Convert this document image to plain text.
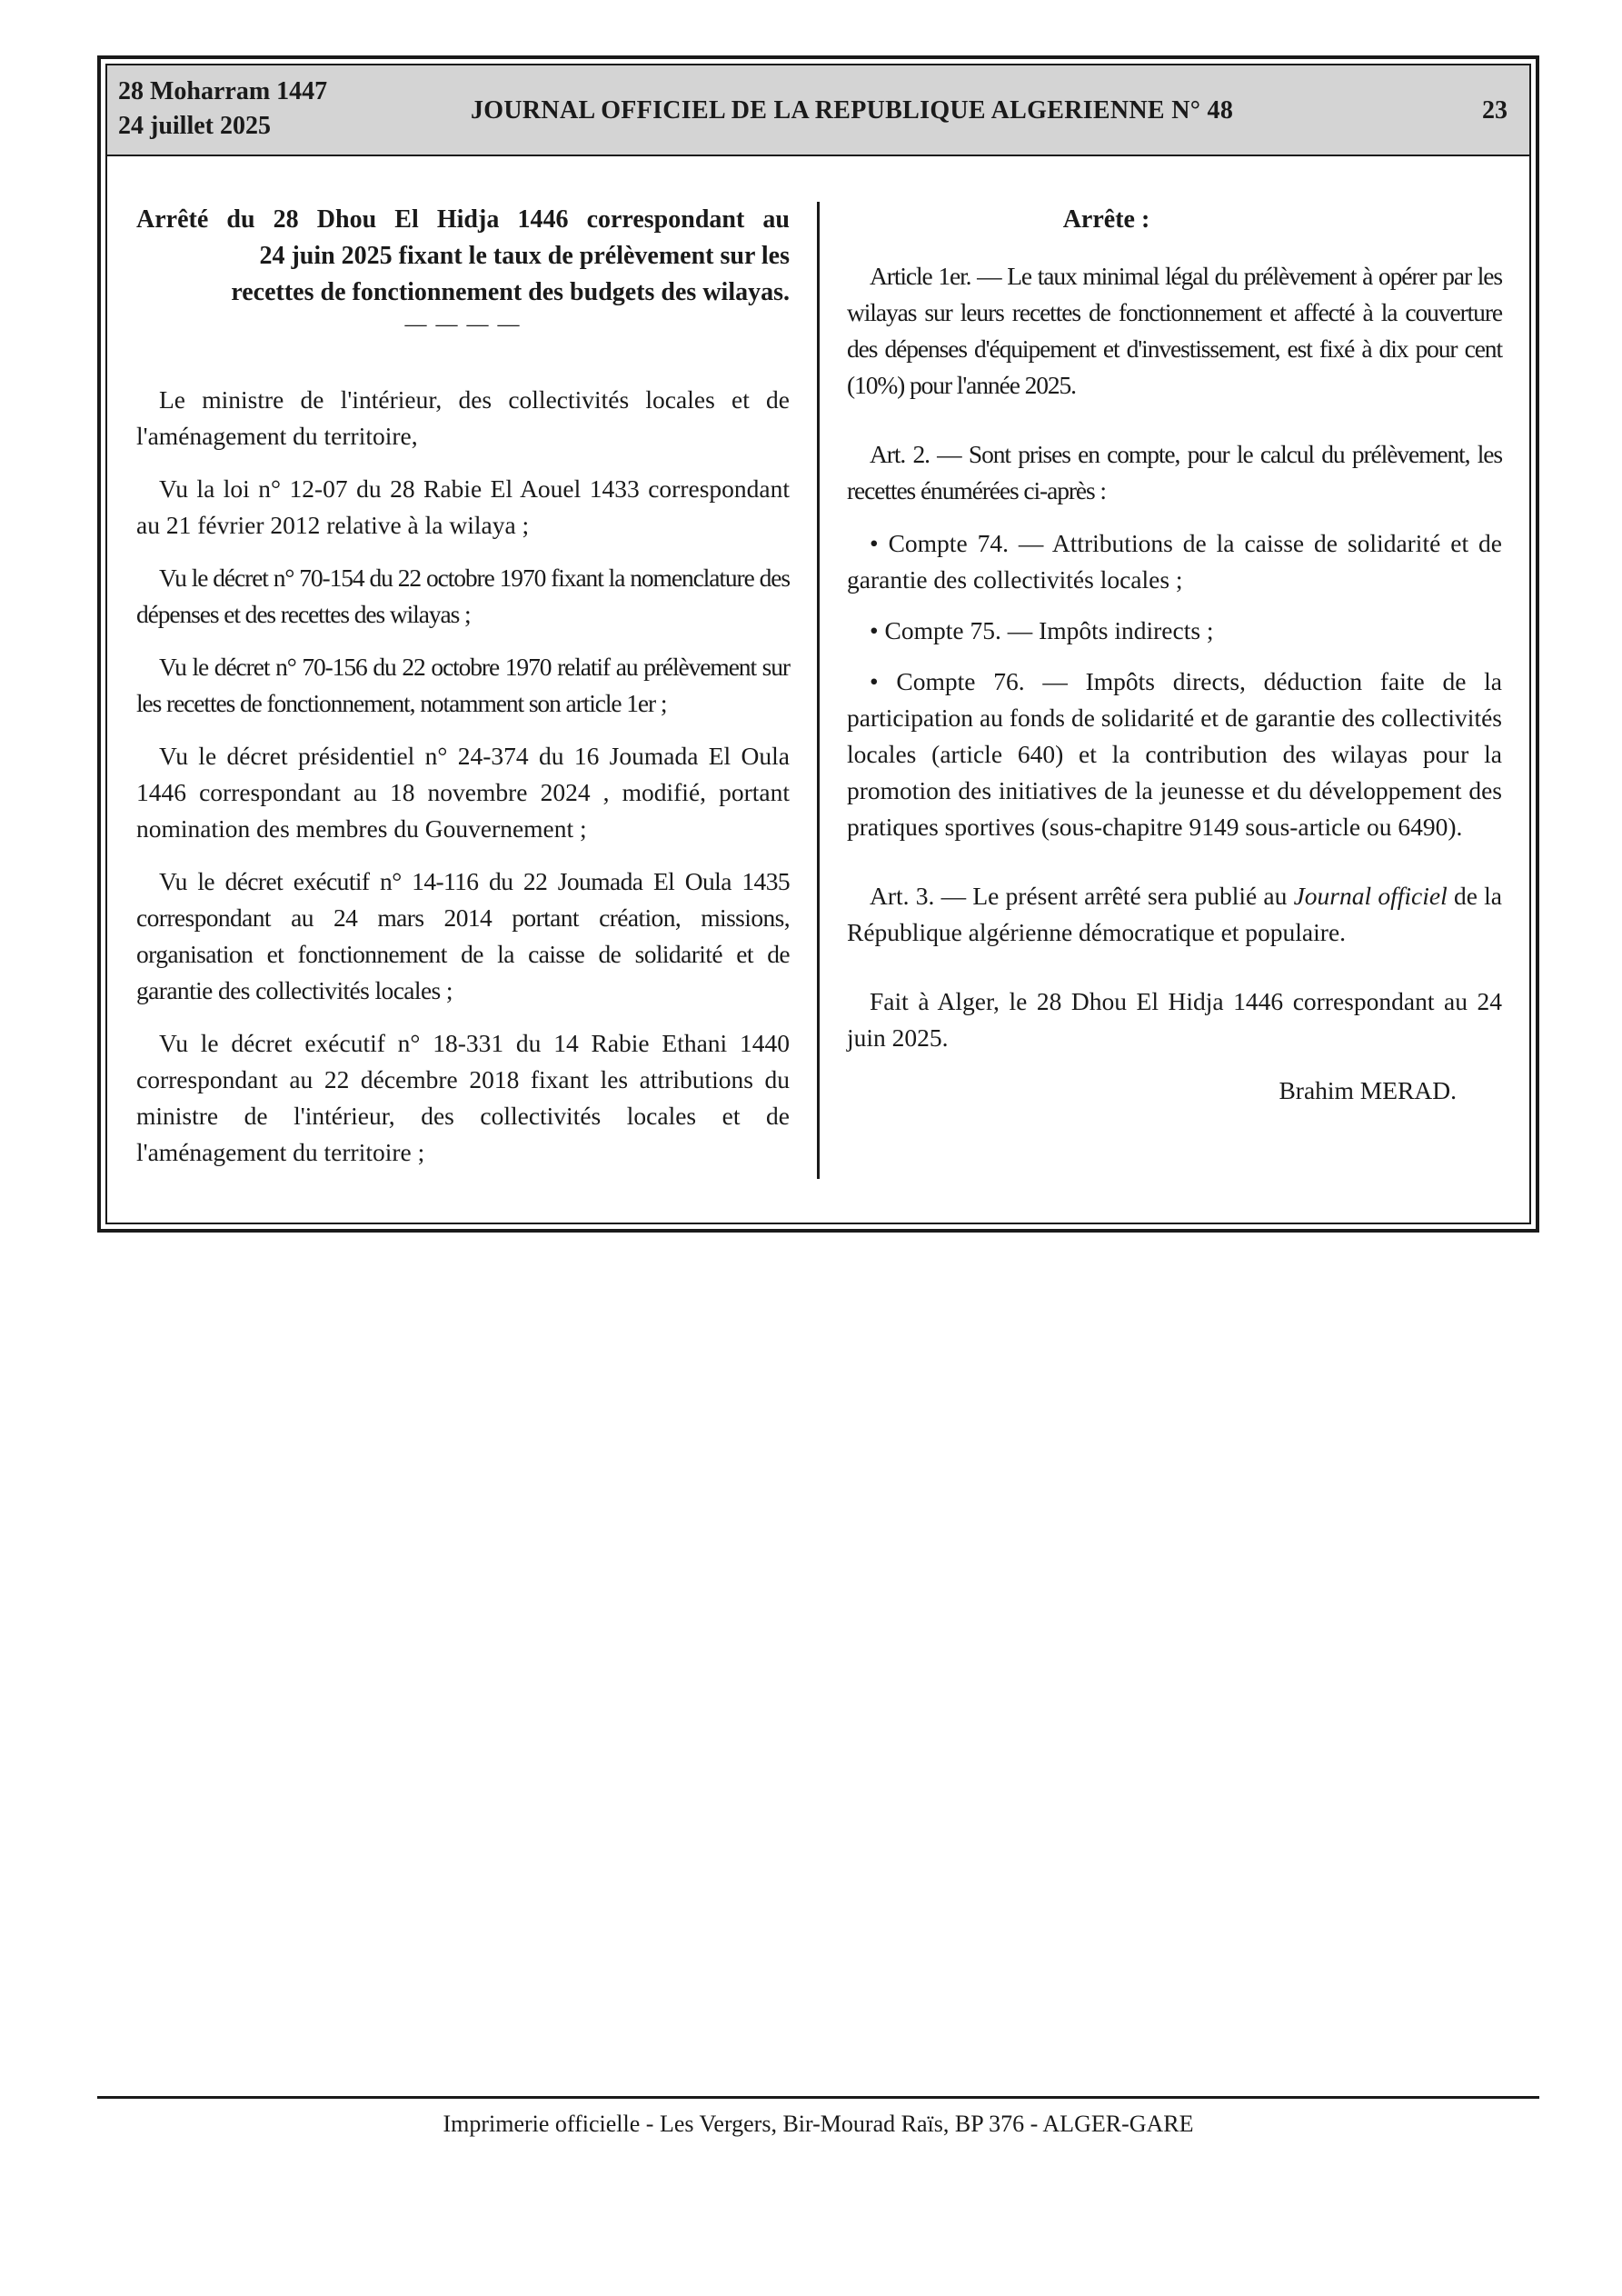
28 Moharram 1447
24 juillet 2025
JOURNAL OFFICIEL DE LA REPUBLIQUE ALGERIENNE N° 48	23
Arrêté du 28 Dhou El Hidja 1446 correspondant au
24 juin 2025 fixant le taux de prélèvement sur les
recettes de fonctionnement des budgets des wilayas.
— — — —

Le ministre de l'intérieur, des collectivités locales et de l'aménagement du territoire,

Vu la loi n° 12-07 du 28 Rabie El Aouel 1433 correspondant au 21 février 2012 relative à la wilaya ;

Vu le décret n° 70-154 du 22 octobre 1970 fixant la nomenclature des dépenses et des recettes des wilayas ;

Vu le décret n° 70-156 du 22 octobre 1970 relatif au prélèvement sur les recettes de fonctionnement, notamment son article 1er ;

Vu le décret présidentiel n° 24-374 du 16 Joumada El Oula 1446 correspondant au 18 novembre 2024 , modifié, portant nomination des membres du Gouvernement ;

Vu le décret exécutif n° 14-116 du 22 Joumada El Oula 1435 correspondant au 24 mars 2014 portant création, missions, organisation et fonctionnement de la caisse de solidarité et de garantie des collectivités locales ;

Vu le décret exécutif n° 18-331 du 14 Rabie Ethani 1440 correspondant au 22 décembre 2018 fixant les attributions du ministre de l'intérieur, des collectivités locales et de l'aménagement du territoire ;

Arrête :

Article 1er. — Le taux minimal légal du prélèvement à opérer par les wilayas sur leurs recettes de fonctionnement et affecté à la couverture des dépenses d'équipement et d'investissement, est fixé à dix pour cent (10%) pour l'année 2025.

Art. 2. — Sont prises en compte, pour le calcul du prélèvement, les recettes énumérées ci-après :

• Compte 74. — Attributions de la caisse de solidarité et de garantie des collectivités locales ;

• Compte 75. — Impôts indirects ;

• Compte 76. — Impôts directs, déduction faite de la participation au fonds de solidarité et de garantie des collectivités locales (article 640) et la contribution des wilayas pour la promotion des initiatives de la jeunesse et du développement des pratiques sportives (sous-chapitre 9149 sous-article ou 6490).

Art. 3. — Le présent arrêté sera publié au Journal officiel de la République algérienne démocratique et populaire.

Fait à Alger, le 28 Dhou El Hidja 1446 correspondant au 24 juin 2025.

Brahim MERAD.

Imprimerie officielle - Les Vergers, Bir-Mourad Raïs, BP 376 - ALGER-GARE
